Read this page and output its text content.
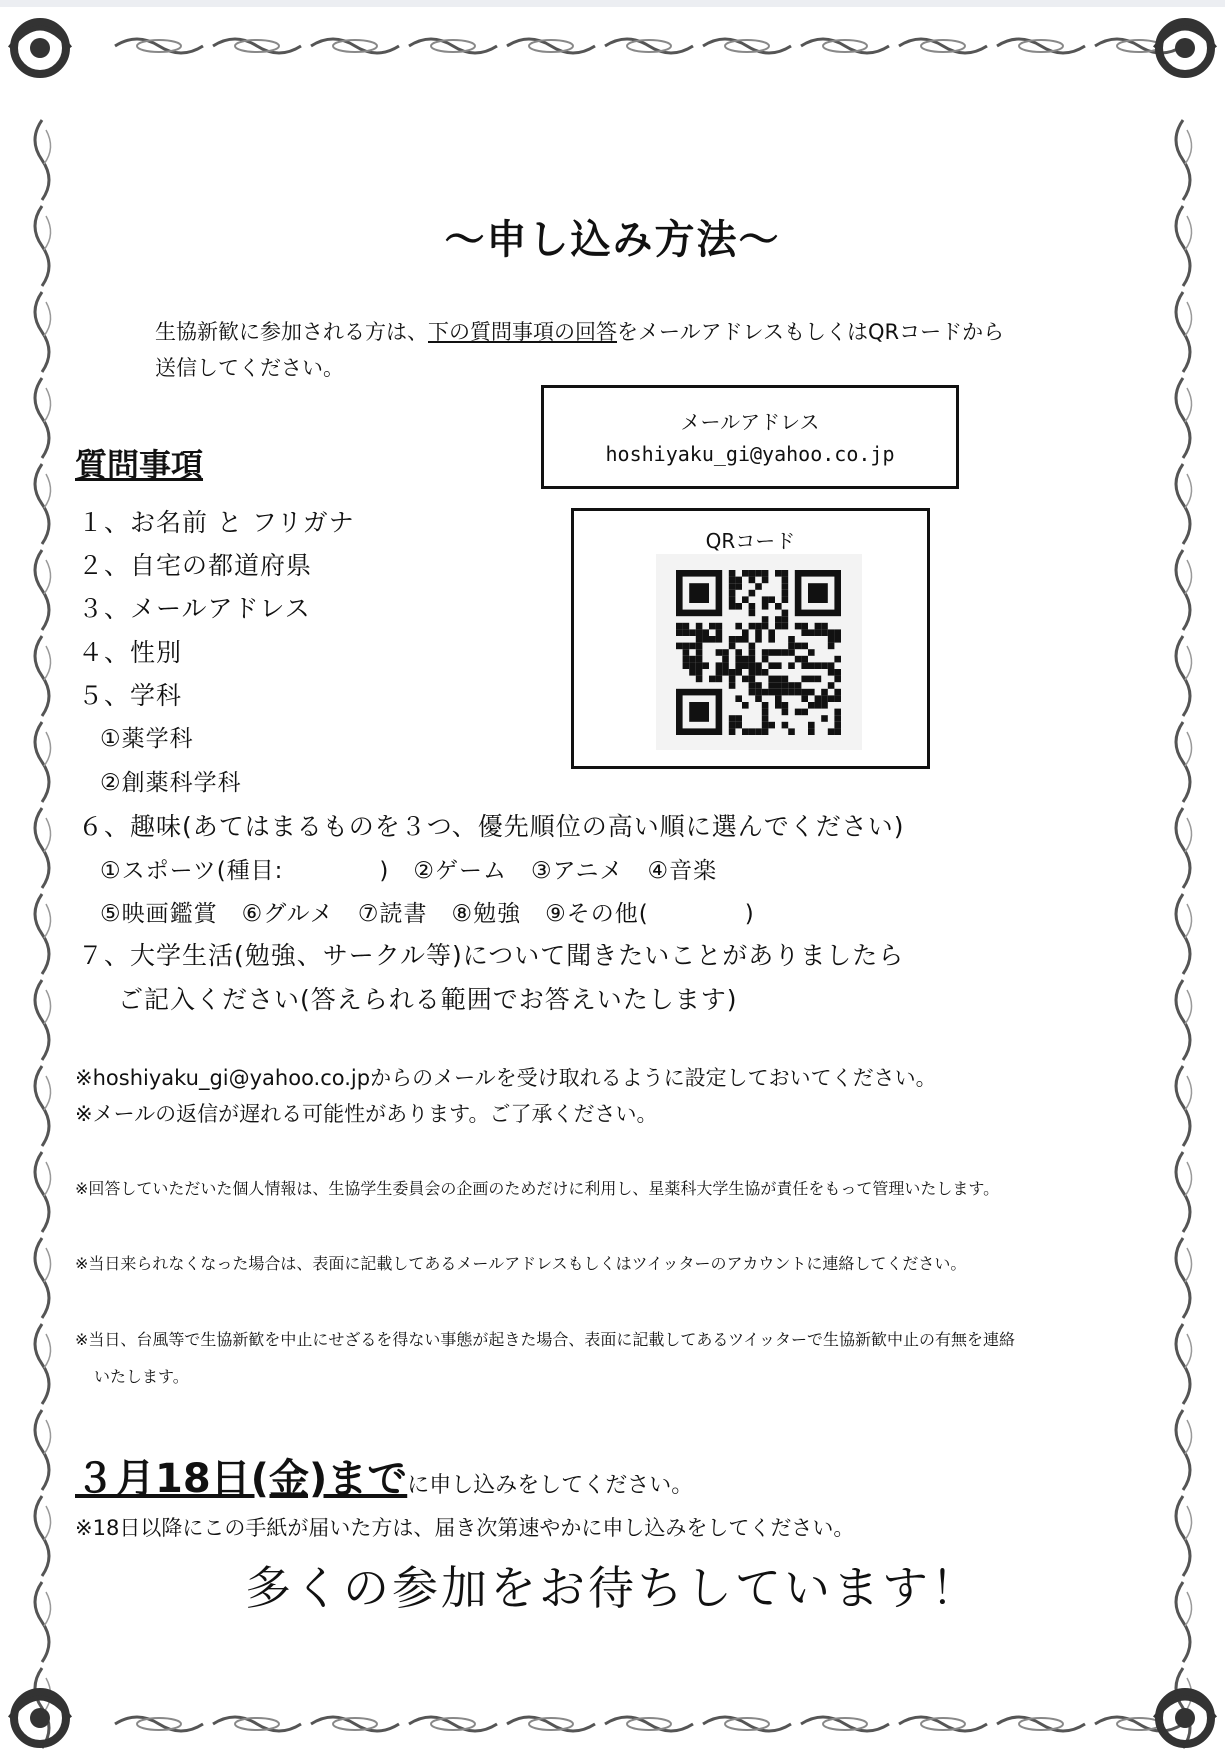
～申し込み方法～
生協新歓に参加される方は、下の質問事項の回答をメールアドレスもしくはQRコードから
送信してください。
メールアドレス
hoshiyaku_gi@yahoo.co.jp
QRコード
質問事項
１、お名前 と フリガナ
２、自宅の都道府県
３、メールアドレス
４、性別
５、学科
①薬学科
②創薬科学科
６、趣味(あてはまるものを３つ、優先順位の高い順に選んでください)
①スポーツ(種目:　　　　)　②ゲーム　③アニメ　④音楽
⑤映画鑑賞　⑥グルメ　⑦読書　⑧勉強　⑨その他(　　　　)
７、大学生活(勉強、サークル等)について聞きたいことがありましたら
ご記入ください(答えられる範囲でお答えいたします)
※hoshiyaku_gi@yahoo.co.jpからのメールを受け取れるように設定しておいてください。
※メールの返信が遅れる可能性があります。ご了承ください。
※回答していただいた個人情報は、生協学生委員会の企画のためだけに利用し、星薬科大学生協が責任をもって管理いたします。
※当日来られなくなった場合は、表面に記載してあるメールアドレスもしくはツイッターのアカウントに連絡してください。
※当日、台風等で生協新歓を中止にせざるを得ない事態が起きた場合、表面に記載してあるツイッターで生協新歓中止の有無を連絡
いたします。
３月18日(金)までに申し込みをしてください。
※18日以降にこの手紙が届いた方は、届き次第速やかに申し込みをしてください。
多くの参加をお待ちしています！
